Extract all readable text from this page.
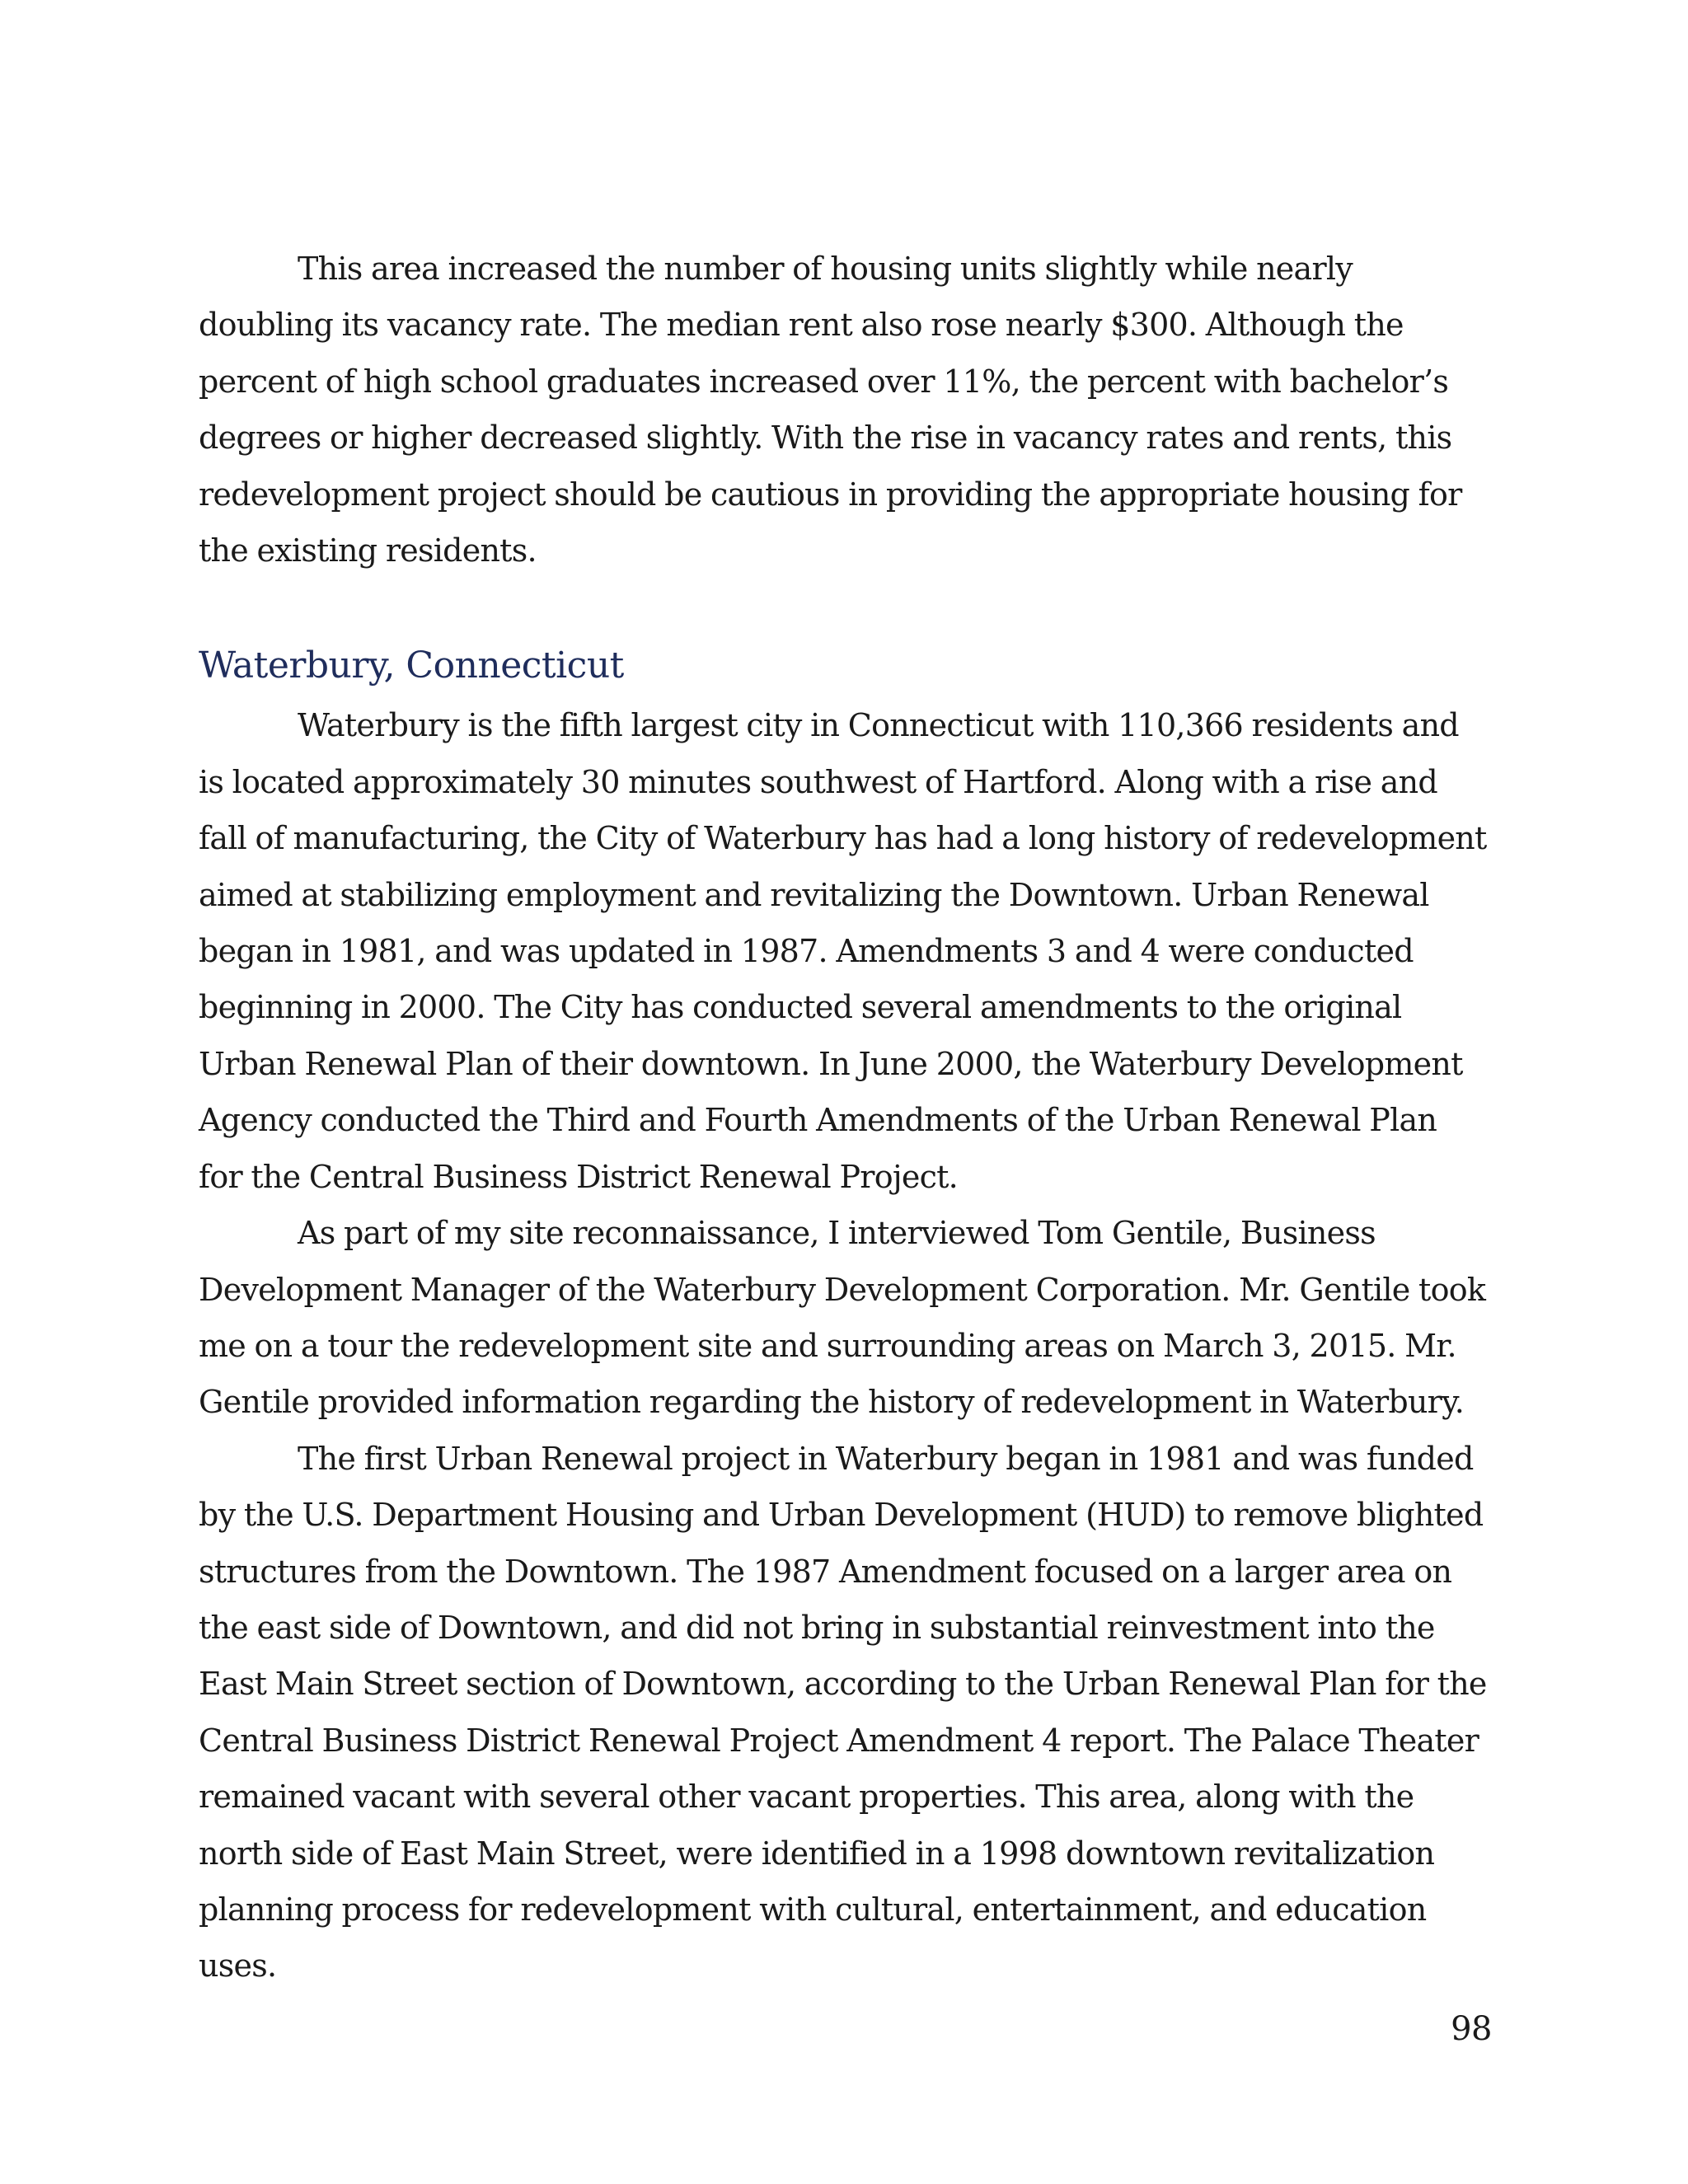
This area increased the number of housing units slightly while nearly doubling its vacancy rate. The median rent also rose nearly $300. Although the percent of high school graduates increased over 11%, the percent with bachelor’s degrees or higher decreased slightly. With the rise in vacancy rates and rents, this redevelopment project should be cautious in providing the appropriate housing for the existing residents.

Waterbury, Connecticut

Waterbury is the fifth largest city in Connecticut with 110,366 residents and is located approximately 30 minutes southwest of Hartford. Along with a rise and fall of manufacturing, the City of Waterbury has had a long history of redevelopment aimed at stabilizing employment and revitalizing the Downtown. Urban Renewal began in 1981, and was updated in 1987. Amendments 3 and 4 were conducted beginning in 2000. The City has conducted several amendments to the original Urban Renewal Plan of their downtown. In June 2000, the Waterbury Development Agency conducted the Third and Fourth Amendments of the Urban Renewal Plan for the Central Business District Renewal Project.

As part of my site reconnaissance, I interviewed Tom Gentile, Business Development Manager of the Waterbury Development Corporation. Mr. Gentile took me on a tour the redevelopment site and surrounding areas on March 3, 2015. Mr. Gentile provided information regarding the history of redevelopment in Waterbury.

The first Urban Renewal project in Waterbury began in 1981 and was funded by the U.S. Department Housing and Urban Development (HUD) to remove blighted structures from the Downtown. The 1987 Amendment focused on a larger area on the east side of Downtown, and did not bring in substantial reinvestment into the East Main Street section of Downtown, according to the Urban Renewal Plan for the Central Business District Renewal Project Amendment 4 report. The Palace Theater remained vacant with several other vacant properties. This area, along with the north side of East Main Street, were identified in a 1998 downtown revitalization planning process for redevelopment with cultural, entertainment, and education uses.

98
